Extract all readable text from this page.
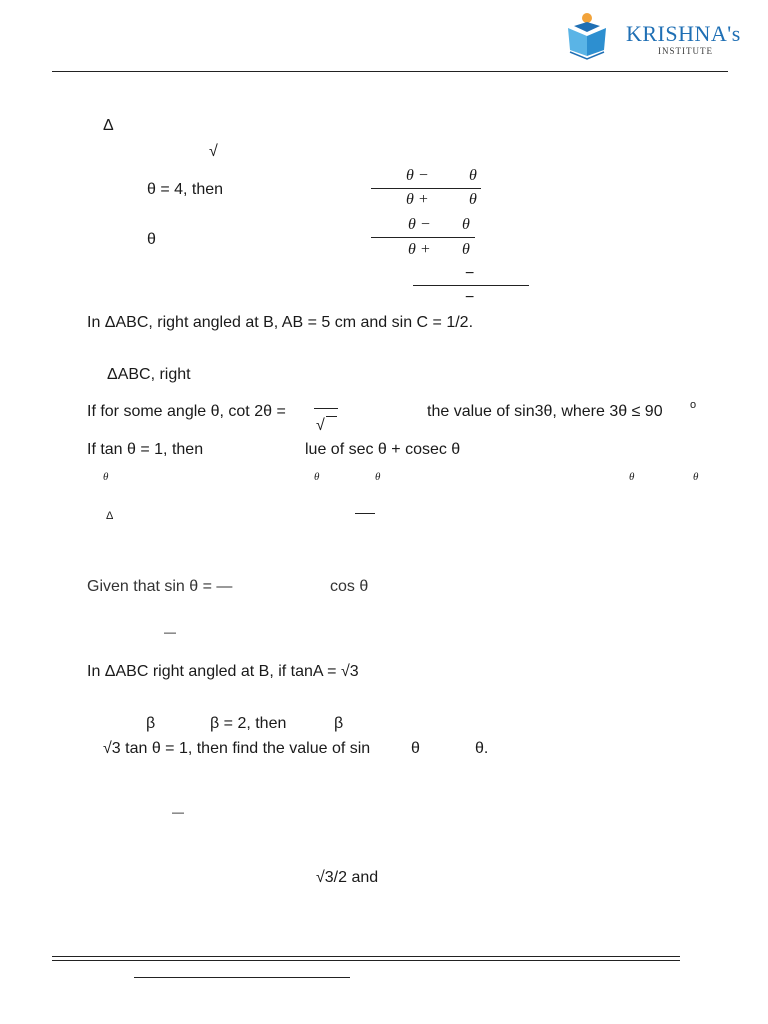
KRISHNA's
INSTITUTE
Δ
√
θ = 4, then
θ
θ −	θ
θ +	θ
θ − θ
θ + θ
−
−
In ΔABC, right angled at B, AB = 5 cm and sin C = 1/2.
ΔABC, right
If for some angle θ, cot 2θ =
√
the value of sin3θ, where 3θ ≤ 90 o
If tan θ = 1, then	lue of sec θ + cosec θ
θ	θ	θ	θ	θ
Δ
Given that sin θ = —	cos θ
—
In ΔABC right angled at B, if tanA = √3
β	β = 2, then	β
√3 tan θ = 1, then find the value of sin	θ	θ.
—
√3/2 and
